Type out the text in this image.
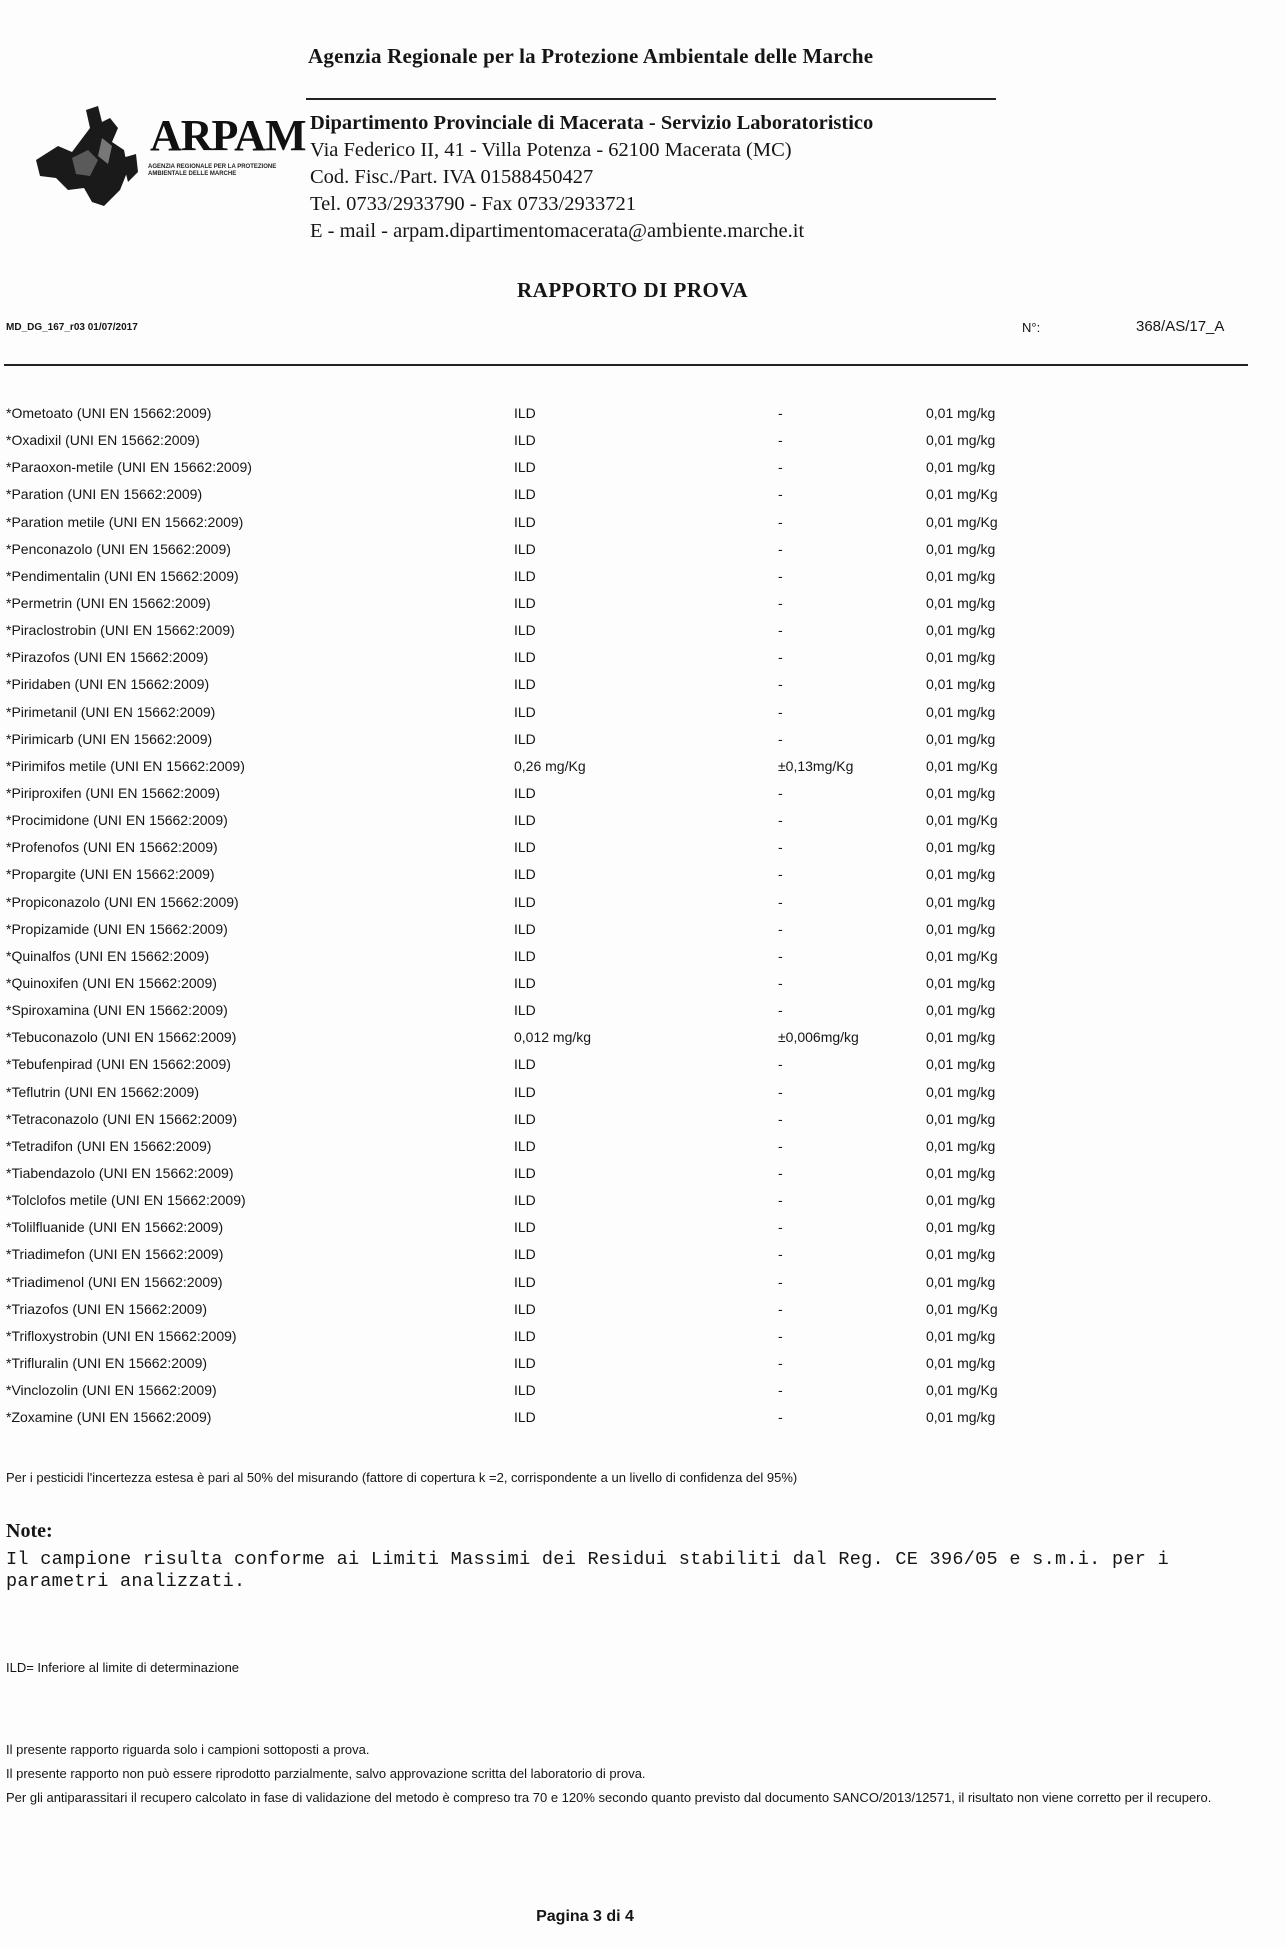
Agenzia Regionale per la Protezione Ambientale delle Marche
ARPAM
AGENZIA REGIONALE PER LA PROTEZIONE AMBIENTALE DELLE MARCHE
Dipartimento Provinciale di Macerata - Servizio Laboratoristico
Via Federico II, 41 - Villa Potenza - 62100 Macerata (MC)
Cod. Fisc./Part. IVA 01588450427
Tel. 0733/2933790 - Fax 0733/2933721
E - mail - arpam.dipartimentomacerata@ambiente.marche.it
RAPPORTO DI PROVA
MD_DG_167_r03 01/07/2017	N°:	368/AS/17_A
*Ometoato (UNI EN 15662:2009)	ILD	-	0,01 mg/kg
*Oxadixil (UNI EN 15662:2009)	ILD	-	0,01 mg/kg
*Paraoxon-metile (UNI EN 15662:2009)	ILD	-	0,01 mg/kg
*Paration (UNI EN 15662:2009)	ILD	-	0,01 mg/Kg
*Paration metile (UNI EN 15662:2009)	ILD	-	0,01 mg/Kg
*Penconazolo (UNI EN 15662:2009)	ILD	-	0,01 mg/kg
*Pendimentalin (UNI EN 15662:2009)	ILD	-	0,01 mg/kg
*Permetrin (UNI EN 15662:2009)	ILD	-	0,01 mg/kg
*Piraclostrobin (UNI EN 15662:2009)	ILD	-	0,01 mg/kg
*Pirazofos (UNI EN 15662:2009)	ILD	-	0,01 mg/kg
*Piridaben (UNI EN 15662:2009)	ILD	-	0,01 mg/kg
*Pirimetanil (UNI EN 15662:2009)	ILD	-	0,01 mg/kg
*Pirimicarb (UNI EN 15662:2009)	ILD	-	0,01 mg/kg
*Pirimifos metile (UNI EN 15662:2009)	0,26 mg/Kg	±0,13mg/Kg	0,01 mg/Kg
*Piriproxifen (UNI EN 15662:2009)	ILD	-	0,01 mg/kg
*Procimidone (UNI EN 15662:2009)	ILD	-	0,01 mg/Kg
*Profenofos (UNI EN 15662:2009)	ILD	-	0,01 mg/kg
*Propargite (UNI EN 15662:2009)	ILD	-	0,01 mg/kg
*Propiconazolo (UNI EN 15662:2009)	ILD	-	0,01 mg/kg
*Propizamide (UNI EN 15662:2009)	ILD	-	0,01 mg/kg
*Quinalfos (UNI EN 15662:2009)	ILD	-	0,01 mg/Kg
*Quinoxifen (UNI EN 15662:2009)	ILD	-	0,01 mg/kg
*Spiroxamina (UNI EN 15662:2009)	ILD	-	0,01 mg/kg
*Tebuconazolo (UNI EN 15662:2009)	0,012 mg/kg	±0,006mg/kg	0,01 mg/kg
*Tebufenpirad (UNI EN 15662:2009)	ILD	-	0,01 mg/kg
*Teflutrin (UNI EN 15662:2009)	ILD	-	0,01 mg/kg
*Tetraconazolo (UNI EN 15662:2009)	ILD	-	0,01 mg/kg
*Tetradifon (UNI EN 15662:2009)	ILD	-	0,01 mg/kg
*Tiabendazolo (UNI EN 15662:2009)	ILD	-	0,01 mg/kg
*Tolclofos metile (UNI EN 15662:2009)	ILD	-	0,01 mg/kg
*Tolilfluanide (UNI EN 15662:2009)	ILD	-	0,01 mg/kg
*Triadimefon (UNI EN 15662:2009)	ILD	-	0,01 mg/kg
*Triadimenol (UNI EN 15662:2009)	ILD	-	0,01 mg/kg
*Triazofos (UNI EN 15662:2009)	ILD	-	0,01 mg/Kg
*Trifloxystrobin (UNI EN 15662:2009)	ILD	-	0,01 mg/kg
*Trifluralin (UNI EN 15662:2009)	ILD	-	0,01 mg/kg
*Vinclozolin (UNI EN 15662:2009)	ILD	-	0,01 mg/Kg
*Zoxamine (UNI EN 15662:2009)	ILD	-	0,01 mg/kg
Per i pesticidi l'incertezza estesa è pari al 50% del misurando (fattore di copertura k =2, corrispondente a un livello di confidenza del 95%)
Note:
Il campione risulta conforme ai Limiti Massimi dei Residui stabiliti dal Reg. CE 396/05 e s.m.i. per i parametri analizzati.
ILD= Inferiore al limite di determinazione
Il presente rapporto riguarda solo i campioni sottoposti a prova.
Il presente rapporto non può essere riprodotto parzialmente, salvo approvazione scritta del laboratorio di prova.
Per gli antiparassitari il recupero calcolato in fase di validazione del metodo è compreso tra 70 e 120% secondo quanto previsto dal documento SANCO/2013/12571, il risultato non viene corretto per il recupero.
Pagina 3 di 4
